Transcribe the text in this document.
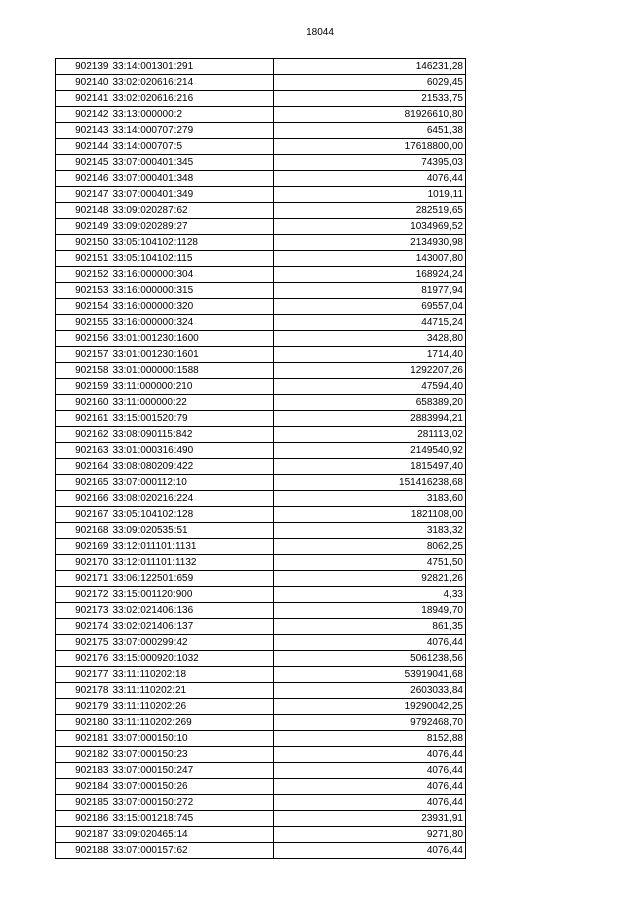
18044
902139	33:14:001301:291	146231,28
902140	33:02:020616:214	6029,45
902141	33:02:020616:216	21533,75
902142	33:13:000000:2	81926610,80
902143	33:14:000707:279	6451,38
902144	33:14:000707:5	17618800,00
902145	33:07:000401:345	74395,03
902146	33:07:000401:348	4076,44
902147	33:07:000401:349	1019,11
902148	33:09:020287:62	282519,65
902149	33:09:020289:27	1034969,52
902150	33:05:104102:1128	2134930,98
902151	33:05:104102:115	143007,80
902152	33:16:000000:304	168924,24
902153	33:16:000000:315	81977,94
902154	33:16:000000:320	69557,04
902155	33:16:000000:324	44715,24
902156	33:01:001230:1600	3428,80
902157	33:01:001230:1601	1714,40
902158	33:01:000000:1588	1292207,26
902159	33:11:000000:210	47594,40
902160	33:11:000000:22	658389,20
902161	33:15:001520:79	2883994,21
902162	33:08:090115:842	281113,02
902163	33:01:000316:490	2149540,92
902164	33:08:080209:422	1815497,40
902165	33:07:000112:10	151416238,68
902166	33:08:020216:224	3183,60
902167	33:05:104102:128	1821108,00
902168	33:09:020535:51	3183,32
902169	33:12:011101:1131	8062,25
902170	33:12:011101:1132	4751,50
902171	33:06:122501:659	92821,26
902172	33:15:001120:900	4,33
902173	33:02:021406:136	18949,70
902174	33:02:021406:137	861,35
902175	33:07:000299:42	4076,44
902176	33:15:000920:1032	5061238,56
902177	33:11:110202:18	53919041,68
902178	33:11:110202:21	2603033,84
902179	33:11:110202:26	19290042,25
902180	33:11:110202:269	9792468,70
902181	33:07:000150:10	8152,88
902182	33:07:000150:23	4076,44
902183	33:07:000150:247	4076,44
902184	33:07:000150:26	4076,44
902185	33:07:000150:272	4076,44
902186	33:15:001218:745	23931,91
902187	33:09:020465:14	9271,80
902188	33:07:000157:62	4076,44
